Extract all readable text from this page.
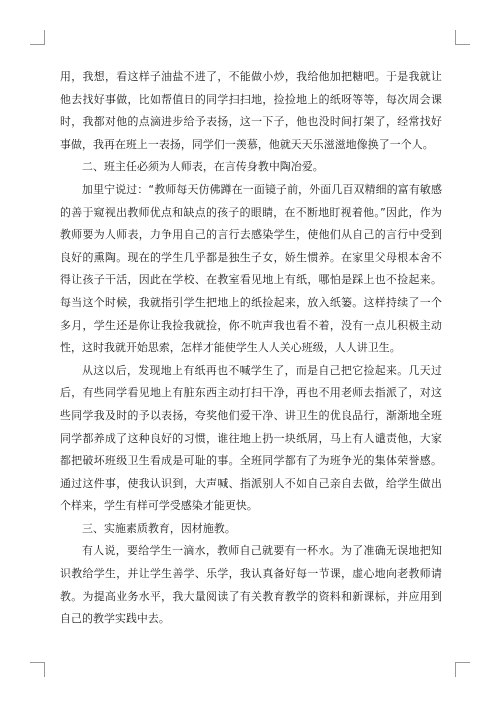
用，我想，看这样子油盐不进了，不能做小炒，我给他加把糖吧。于是我就让他去找好事做，比如帮值日的同学扫扫地，捡捡地上的纸呀等等，每次周会课时，我都对他的点滴进步给予表扬，这一下子，他也没时间打架了，经常找好事做，我再在班上一表扬，同学们一羡慕，他就天天乐滋滋地像换了一个人。

二、班主任必须为人师表，在言传身教中陶冶爱。

加里宁说过：“教师每天仿佛蹲在一面镜子前，外面几百双精细的富有敏感的善于窥视出教师优点和缺点的孩子的眼睛，在不断地盯视着他。”因此，作为教师要为人师表，力争用自己的言行去感染学生，使他们从自己的言行中受到良好的熏陶。现在的学生几乎都是独生子女，娇生惯养。在家里父母根本舍不得让孩子干活，因此在学校、在教室看见地上有纸，哪怕是踩上也不捡起来。每当这个时候，我就指引学生把地上的纸捡起来，放入纸篓。这样持续了一个多月，学生还是你让我捡我就捡，你不吭声我也看不着，没有一点儿积极主动性，这时我就开始思索，怎样才能使学生人人关心班级，人人讲卫生。

从这以后，发现地上有纸再也不喊学生了，而是自己把它捡起来。几天过后，有些同学看见地上有脏东西主动打扫干净，再也不用老师去指派了，对这些同学我及时的予以表扬，夸奖他们爱干净、讲卫生的优良品行，渐渐地全班同学都养成了这种良好的习惯，谁往地上扔一块纸屑，马上有人谴责他，大家都把破坏班级卫生看成是可耻的事。全班同学都有了为班争光的集体荣誉感。通过这件事，使我认识到，大声喊、指派别人不如自己亲自去做，给学生做出个样来，学生有样可学受感染才能更快。

三、实施素质教育，因材施教。

有人说，要给学生一滴水，教师自己就要有一杯水。为了准确无误地把知识教给学生，并让学生善学、乐学，我认真备好每一节课，虚心地向老教师请教。为提高业务水平，我大量阅读了有关教育教学的资料和新课标，并应用到自己的教学实践中去。
